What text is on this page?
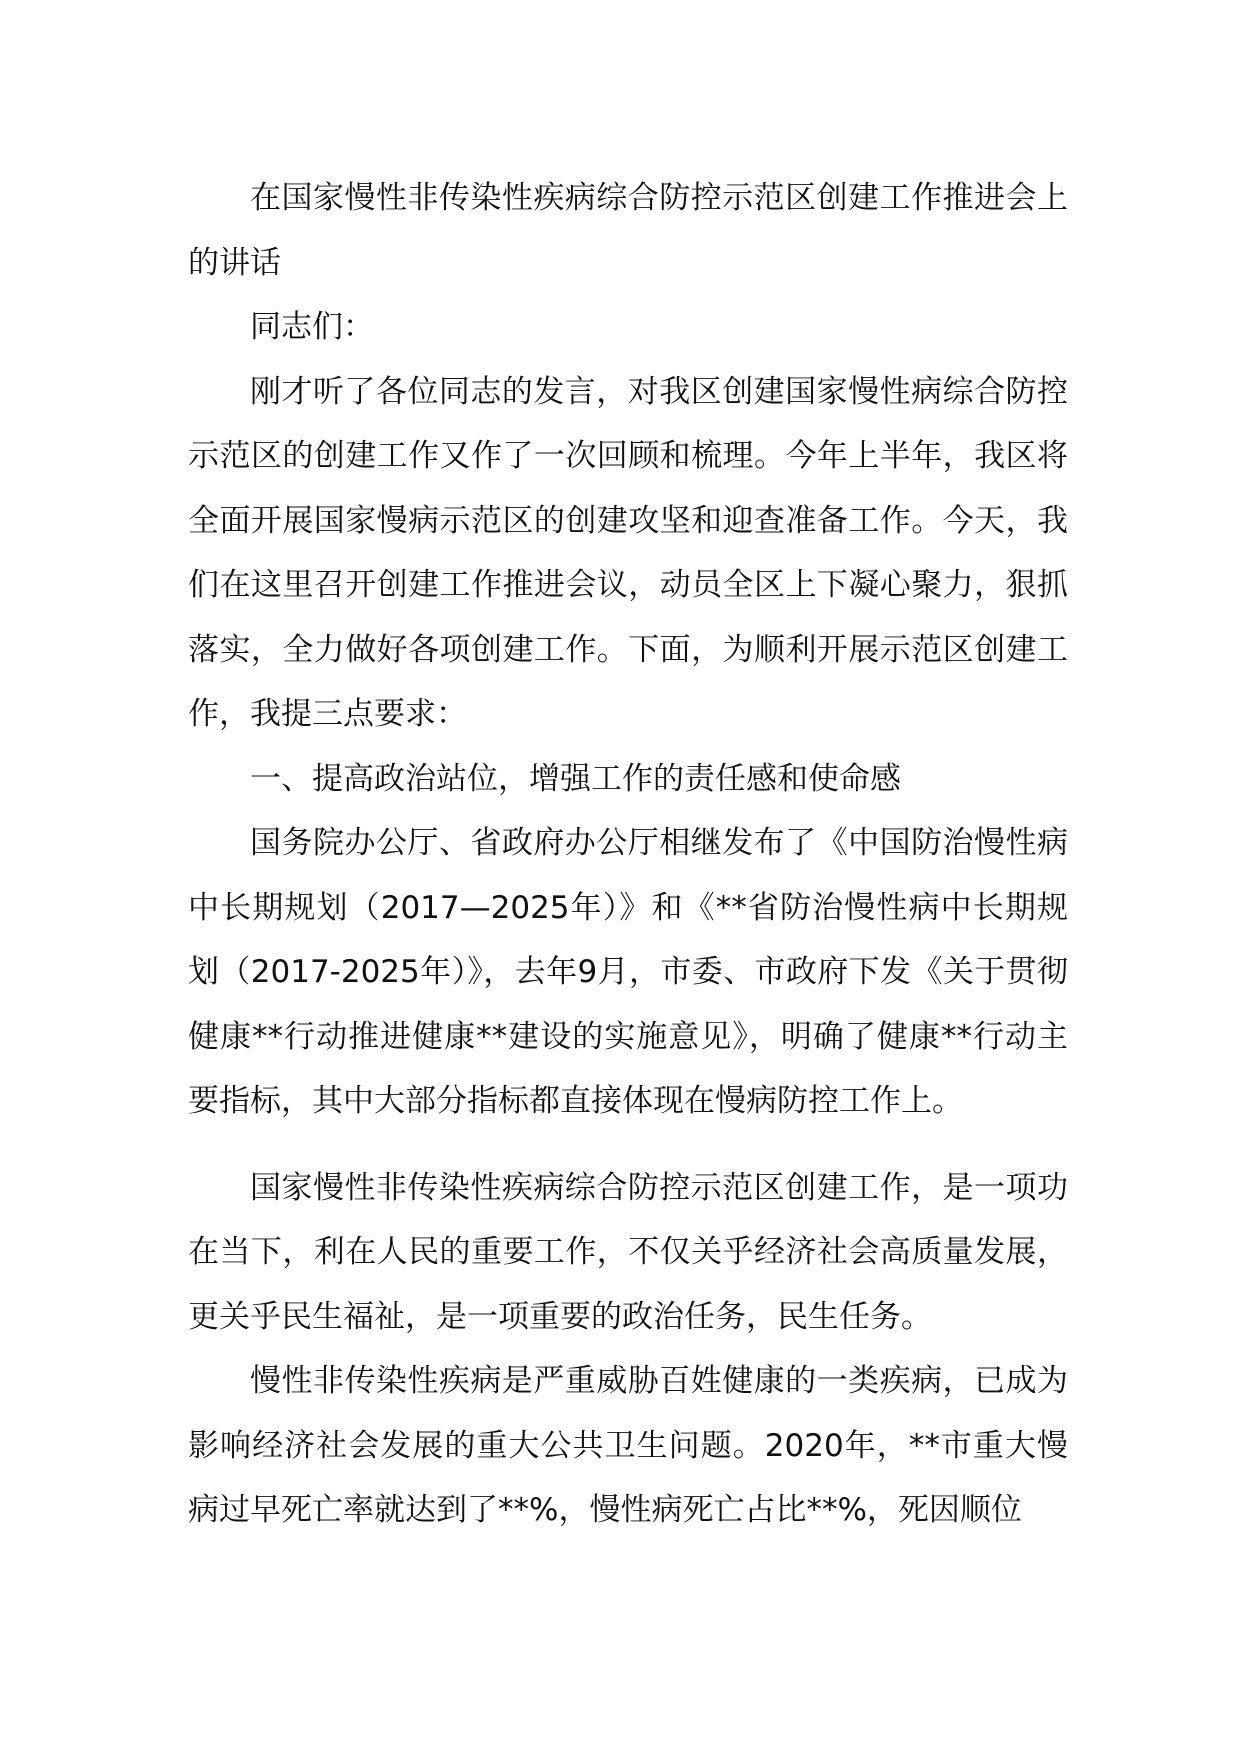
在国家慢性非传染性疾病综合防控示范区创建工作推进会上的讲话

同志们：

刚才听了各位同志的发言，对我区创建国家慢性病综合防控示范区的创建工作又作了一次回顾和梳理。今年上半年，我区将全面开展国家慢病示范区的创建攻坚和迎查准备工作。今天，我们在这里召开创建工作推进会议，动员全区上下凝心聚力，狠抓落实，全力做好各项创建工作。下面，为顺利开展示范区创建工作，我提三点要求：

一、提高政治站位，增强工作的责任感和使命感

国务院办公厅、省政府办公厅相继发布了《中国防治慢性病中长期规划（2017—2025年）》和《**省防治慢性病中长期规划（2017-2025年）》，去年9月，市委、市政府下发《关于贯彻健康**行动推进健康**建设的实施意见》，明确了健康**行动主要指标，其中大部分指标都直接体现在慢病防控工作上。

国家慢性非传染性疾病综合防控示范区创建工作，是一项功在当下，利在人民的重要工作，不仅关乎经济社会高质量发展，更关乎民生福祉，是一项重要的政治任务，民生任务。

慢性非传染性疾病是严重威胁百姓健康的一类疾病，已成为影响经济社会发展的重大公共卫生问题。2020年，**市重大慢病过早死亡率就达到了**%，慢性病死亡占比**%，死因顺位
